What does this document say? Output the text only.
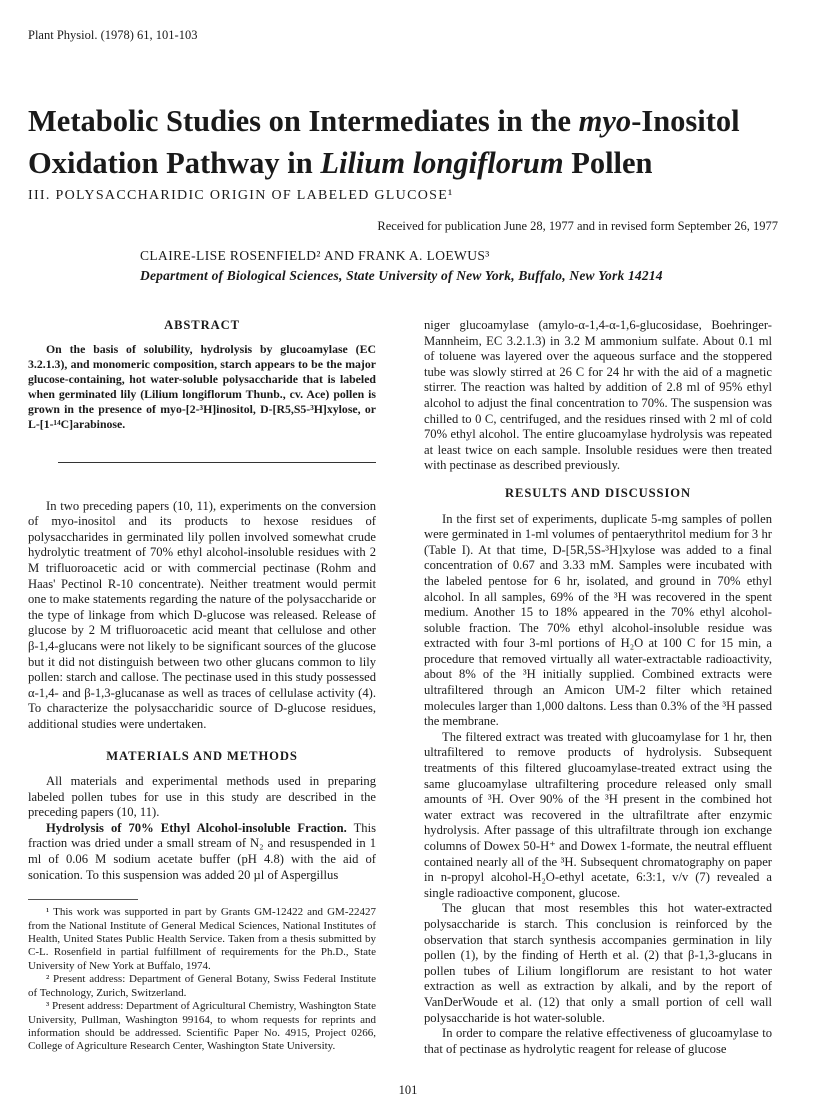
Plant Physiol. (1978) 61, 101-103
Metabolic Studies on Intermediates in the myo-Inositol Oxidation Pathway in Lilium longiflorum Pollen
III. POLYSACCHARIDIC ORIGIN OF LABELED GLUCOSE¹
Received for publication June 28, 1977 and in revised form September 26, 1977
CLAIRE-LISE ROSENFIELD² AND FRANK A. LOEWUS³
Department of Biological Sciences, State University of New York, Buffalo, New York 14214

ABSTRACT

On the basis of solubility, hydrolysis by glucoamylase (EC 3.2.1.3), and monomeric composition, starch appears to be the major glucose-containing, hot water-soluble polysaccharide that is labeled when germinated lily (Lilium longiflorum Thunb., cv. Ace) pollen is grown in the presence of myo-[2-³H]inositol, D-[R5,S5-³H]xylose, or L-[1-¹⁴C]arabinose.

In two preceding papers (10, 11), experiments on the conversion of myo-inositol and its products to hexose residues of polysaccharides in germinated lily pollen involved somewhat crude hydrolytic treatment of 70% ethyl alcohol-insoluble residues with 2 M trifluoroacetic acid or with commercial pectinase (Rohm and Haas' Pectinol R-10 concentrate). Neither treatment would permit one to make statements regarding the nature of the polysaccharide or the type of linkage from which D-glucose was released. Release of glucose by 2 M trifluoroacetic acid meant that cellulose and other β-1,4-glucans were not likely to be significant sources of the glucose but it did not distinguish between two other glucans common to lily pollen: starch and callose. The pectinase used in this study possessed α-1,4- and β-1,3-glucanase as well as traces of cellulase activity (4). To characterize the polysaccharidic source of D-glucose residues, additional studies were undertaken.

MATERIALS AND METHODS

All materials and experimental methods used in preparing labeled pollen tubes for use in this study are described in the preceding papers (10, 11).

Hydrolysis of 70% Ethyl Alcohol-insoluble Fraction. This fraction was dried under a small stream of N₂ and resuspended in 1 ml of 0.06 M sodium acetate buffer (pH 4.8) with the aid of sonication. To this suspension was added 20 µl of Aspergillus

¹ This work was supported in part by Grants GM-12422 and GM-22427 from the National Institute of General Medical Sciences, National Institutes of Health, United States Public Health Service. Taken from a thesis submitted by C-L. Rosenfield in partial fulfillment of requirements for the Ph.D., State University of New York at Buffalo, 1974.

² Present address: Department of General Botany, Swiss Federal Institute of Technology, Zurich, Switzerland.

³ Present address: Department of Agricultural Chemistry, Washington State University, Pullman, Washington 99164, to whom requests for reprints and information should be addressed. Scientific Paper No. 4915, Project 0266, College of Agriculture Research Center, Washington State University.

niger glucoamylase (amylo-α-1,4-α-1,6-glucosidase, Boehringer-Mannheim, EC 3.2.1.3) in 3.2 M ammonium sulfate. About 0.1 ml of toluene was layered over the aqueous surface and the stoppered tube was slowly stirred at 26 C for 24 hr with the aid of a magnetic stirrer. The reaction was halted by addition of 2.8 ml of 95% ethyl alcohol to adjust the final concentration to 70%. The suspension was chilled to 0 C, centrifuged, and the residues rinsed with 2 ml of cold 70% ethyl alcohol. The entire glucoamylase hydrolysis was repeated at least twice on each sample. Insoluble residues were then treated with pectinase as described previously.

RESULTS AND DISCUSSION

In the first set of experiments, duplicate 5-mg samples of pollen were germinated in 1-ml volumes of pentaerythritol medium for 3 hr (Table I). At that time, D-[5R,5S-³H]xylose was added to a final concentration of 0.67 and 3.33 mM. Samples were incubated with the labeled pentose for 6 hr, isolated, and ground in 70% ethyl alcohol. In all samples, 69% of the ³H was recovered in the spent medium. Another 15 to 18% appeared in the 70% ethyl alcohol-soluble fraction. The 70% ethyl alcohol-insoluble residue was extracted with four 3-ml portions of H₂O at 100 C for 15 min, a procedure that removed virtually all water-extractable radioactivity, about 8% of the ³H initially supplied. Combined extracts were ultrafiltered through an Amicon UM-2 filter which retained molecules larger than 1,000 daltons. Less than 0.3% of the ³H passed the membrane.

The filtered extract was treated with glucoamylase for 1 hr, then ultrafiltered to remove products of hydrolysis. Subsequent treatments of this filtered glucoamylase-treated extract using the same glucoamylase ultrafiltering procedure released only small amounts of ³H. Over 90% of the ³H present in the combined hot water extract was recovered in the ultrafiltrate after enzymic hydrolysis. After passage of this ultrafiltrate through ion exchange columns of Dowex 50-H⁺ and Dowex 1-formate, the neutral effluent contained nearly all of the ³H. Subsequent chromatography on paper in n-propyl alcohol-H₂O-ethyl acetate, 6:3:1, v/v (7) revealed a single radioactive component, glucose.

The glucan that most resembles this hot water-extracted polysaccharide is starch. This conclusion is reinforced by the observation that starch synthesis accompanies germination in lily pollen (1), by the finding of Herth et al. (2) that β-1,3-glucans in pollen tubes of Lilium longiflorum are resistant to hot water extraction as well as extraction by alkali, and by the report of VanDerWoude et al. (12) that only a small portion of cell wall polysaccharide is hot water-soluble.

In order to compare the relative effectiveness of glucoamylase to that of pectinase as hydrolytic reagent for release of glucose

101
